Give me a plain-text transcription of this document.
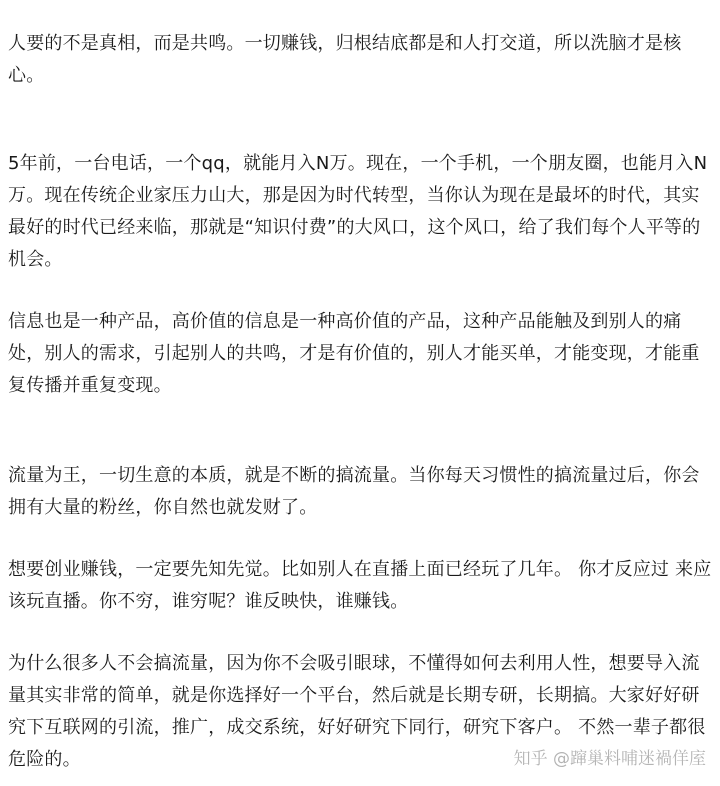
人要的不是真相，而是共鸣。一切赚钱，归根结底都是和人打交道，所以洗脑才是核心。

5年前，一台电话，一个qq，就能月入N万。现在，一个手机，一个朋友圈，也能月入N万。现在传统企业家压力山大，那是因为时代转型，当你认为现在是最坏的时代，其实最好的时代已经来临，那就是“知识付费”的大风口，这个风口，给了我们每个人平等的机会。

信息也是一种产品，高价值的信息是一种高价值的产品，这种产品能触及到别人的痛处，别人的需求，引起别人的共鸣，才是有价值的，别人才能买单，才能变现，才能重复传播并重复变现。

流量为王，一切生意的本质，就是不断的搞流量。当你每天习惯性的搞流量过后，你会拥有大量的粉丝，你自然也就发财了。

想要创业赚钱，一定要先知先觉。比如别人在直播上面已经玩了几年。 你才反应过 来应该玩直播。你不穷，谁穷呢？谁反映快，谁赚钱。

为什么很多人不会搞流量，因为你不会吸引眼球，不懂得如何去利用人性，想要导入流量其实非常的简单，就是你选择好一个平台，然后就是长期专研，长期搞。大家好好研究下互联网的引流，推广，成交系统，好好研究下同行，研究下客户。 不然一辈子都很危险的。	知乎 @蹿巢料哺迷禍佯庢
